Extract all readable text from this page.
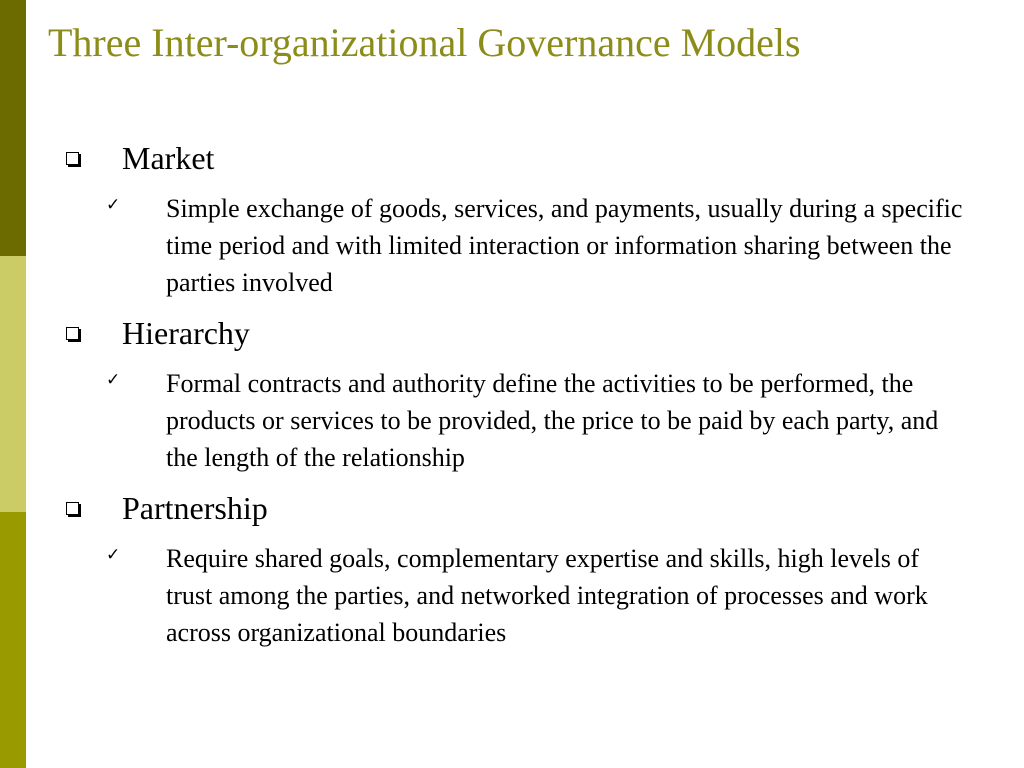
Three Inter-organizational Governance Models
Market
✓ Simple exchange of goods, services, and payments, usually during a specific time period and with limited interaction or information sharing between the parties involved
Hierarchy
✓ Formal contracts and authority define the activities to be performed, the products or services to be provided, the price to be paid by each party, and the length of the relationship
Partnership
✓ Require shared goals, complementary expertise and skills, high levels of trust among the parties, and networked integration of processes and work across organizational boundaries
